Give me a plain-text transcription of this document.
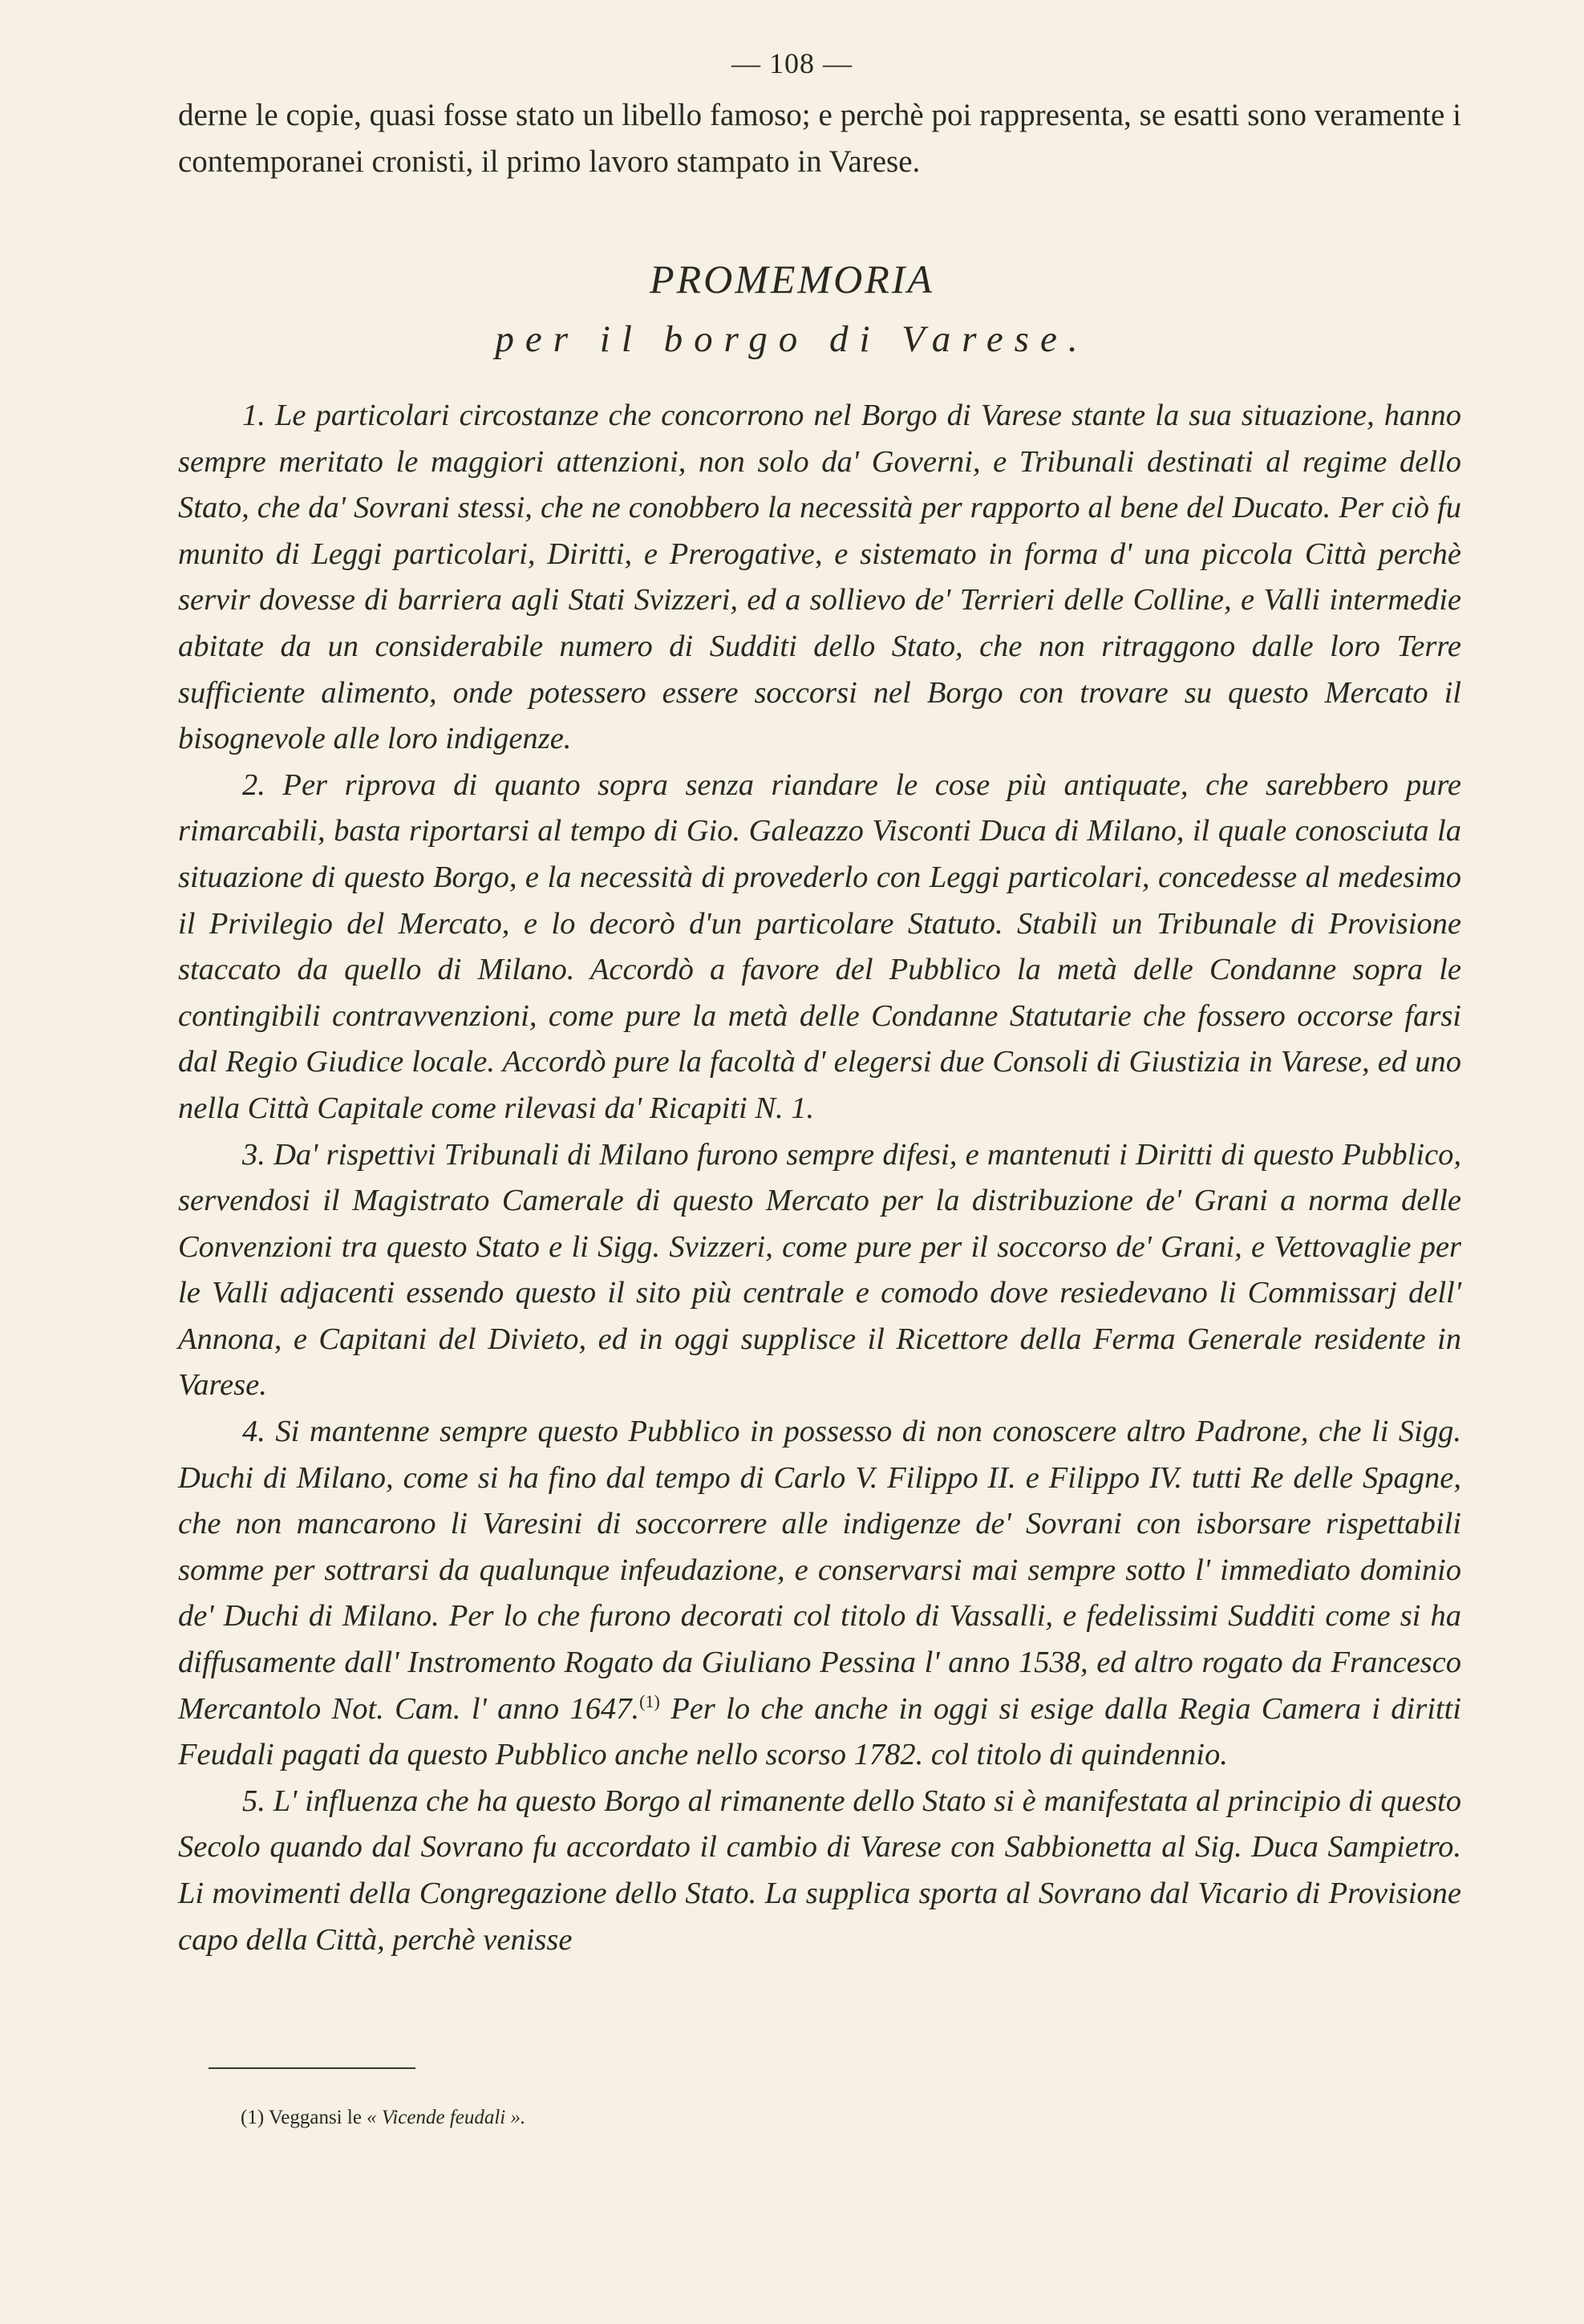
— 108 —

derne le copie, quasi fosse stato un libello famoso; e perchè poi rappresenta, se esatti sono veramente i contemporanei cronisti, il primo lavoro stampato in Varese.

PROMEMORIA
per il borgo di Varese.

1. Le particolari circostanze che concorrono nel Borgo di Varese stante la sua situazione, hanno sempre meritato le maggiori attenzioni, non solo da' Governi, e Tribunali destinati al regime dello Stato, che da' Sovrani stessi, che ne conobbero la necessità per rapporto al bene del Ducato. Per ciò fu munito di Leggi particolari, Diritti, e Prerogative, e sistemato in forma d' una piccola Città perchè servir dovesse di barriera agli Stati Svizzeri, ed a sollievo de' Terrieri delle Colline, e Valli intermedie abitate da un considerabile numero di Sudditi dello Stato, che non ritraggono dalle loro Terre sufficiente alimento, onde potessero essere soccorsi nel Borgo con trovare su questo Mercato il bisognevole alle loro indigenze.

2. Per riprova di quanto sopra senza riandare le cose più antiquate, che sarebbero pure rimarcabili, basta riportarsi al tempo di Gio. Galeazzo Visconti Duca di Milano, il quale conosciuta la situazione di questo Borgo, e la necessità di provederlo con Leggi particolari, concedesse al medesimo il Privilegio del Mercato, e lo decorò d'un particolare Statuto. Stabilì un Tribunale di Provisione staccato da quello di Milano. Accordò a favore del Pubblico la metà delle Condanne sopra le contingibili contravvenzioni, come pure la metà delle Condanne Statutarie che fossero occorse farsi dal Regio Giudice locale. Accordò pure la facoltà d' elegersi due Consoli di Giustizia in Varese, ed uno nella Città Capitale come rilevasi da' Ricapiti N. 1.

3. Da' rispettivi Tribunali di Milano furono sempre difesi, e mantenuti i Diritti di questo Pubblico, servendosi il Magistrato Camerale di questo Mercato per la distribuzione de' Grani a norma delle Convenzioni tra questo Stato e li Sigg. Svizzeri, come pure per il soccorso de' Grani, e Vettovaglie per le Valli adjacenti essendo questo il sito più centrale e comodo dove resiedevano li Commissarj dell' Annona, e Capitani del Divieto, ed in oggi supplisce il Ricettore della Ferma Generale residente in Varese.

4. Si mantenne sempre questo Pubblico in possesso di non conoscere altro Padrone, che li Sigg. Duchi di Milano, come si ha fino dal tempo di Carlo V. Filippo II. e Filippo IV. tutti Re delle Spagne, che non mancarono li Varesini di soccorrere alle indigenze de' Sovrani con isborsare rispettabili somme per sottrarsi da qualunque infeudazione, e conservarsi mai sempre sotto l' immediato dominio de' Duchi di Milano. Per lo che furono decorati col titolo di Vassalli, e fedelissimi Sudditi come si ha diffusamente dall' Instromento Rogato da Giuliano Pessina l' anno 1538, ed altro rogato da Francesco Mercantolo Not. Cam. l' anno 1647.$^{(1)}$ Per lo che anche in oggi si esige dalla Regia Camera i diritti Feudali pagati da questo Pubblico anche nello scorso 1782. col titolo di quindennio.

5. L' influenza che ha questo Borgo al rimanente dello Stato si è manifestata al principio di questo Secolo quando dal Sovrano fu accordato il cambio di Varese con Sabbionetta al Sig. Duca Sampietro. Li movimenti della Congregazione dello Stato. La supplica sporta al Sovrano dal Vicario di Provisione capo della Città, perchè venisse

(1) Veggansi le « Vicende feudali ».
